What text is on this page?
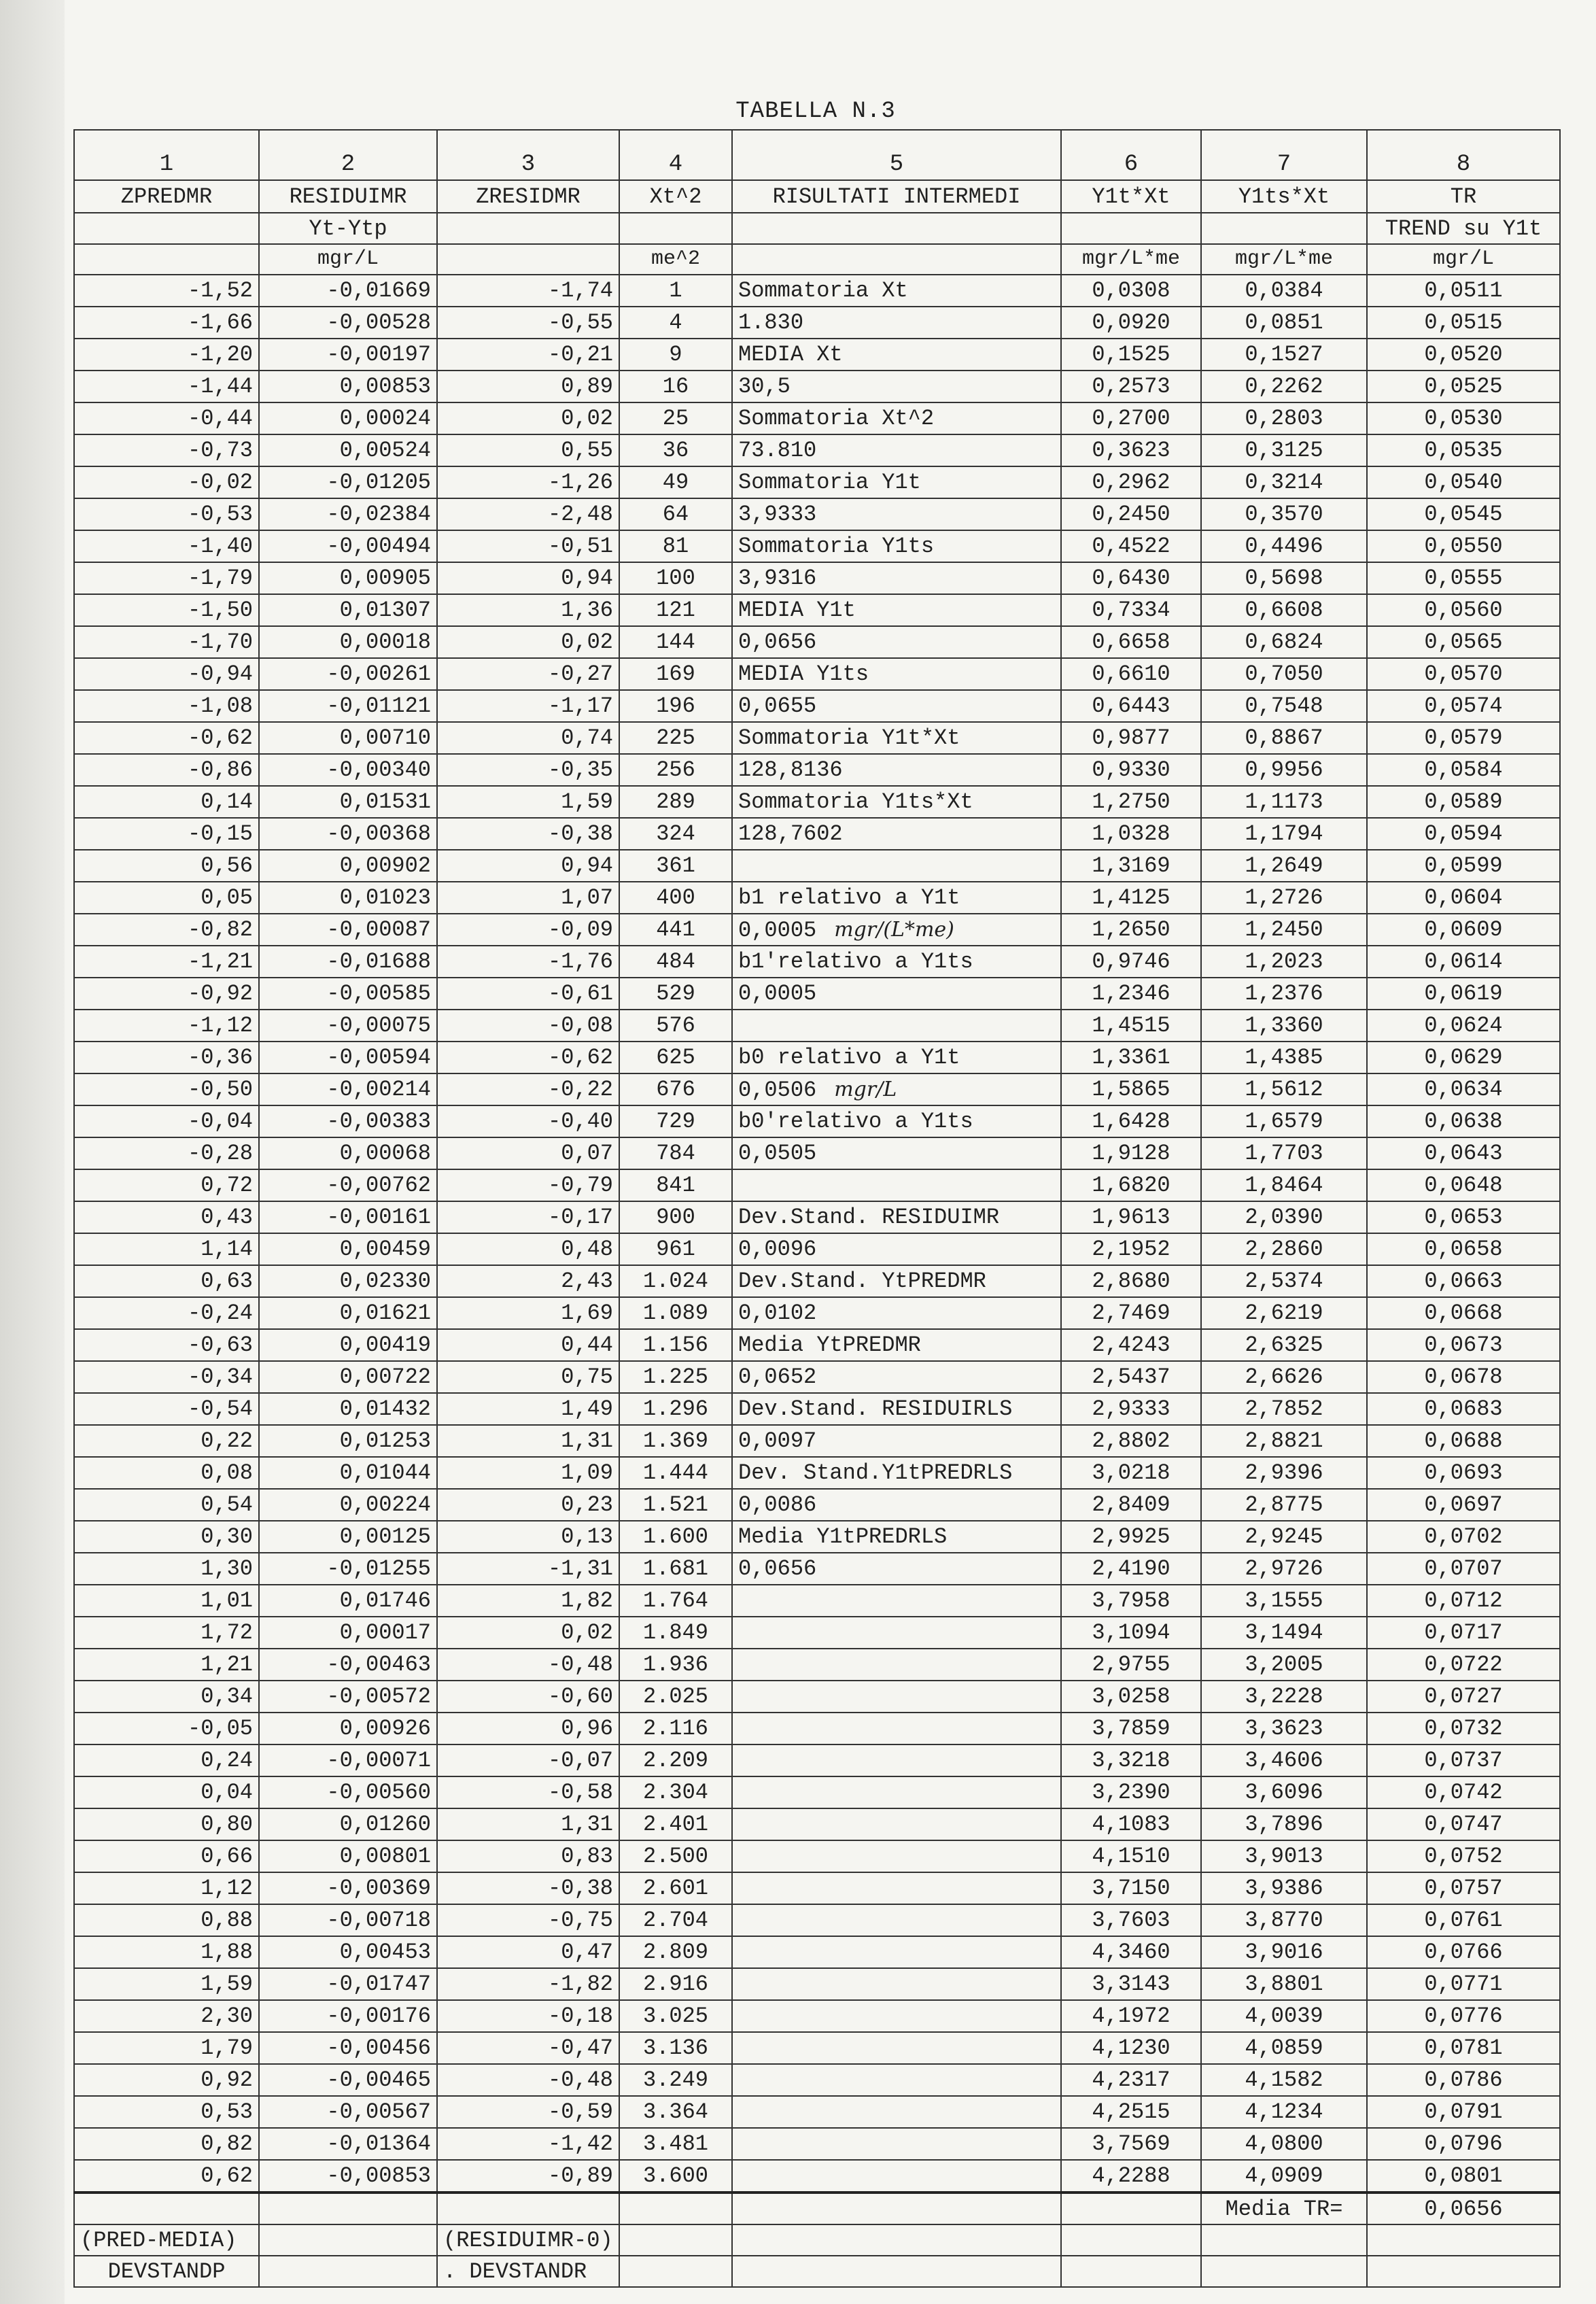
TABELLA N.3
1	2	3	4	5	6	7	8
ZPREDMR	RESIDUIMR	ZRESIDMR	Xt^2	RISULTATI INTERMEDI	Y1t*Xt	Y1ts*Xt	TR
	Yt-Ytp						TREND su Y1t
	mgr/L		me^2		mgr/L*me	mgr/L*me	mgr/L
-1,52	-0,01669	-1,74	1	Sommatoria Xt	0,0308	0,0384	0,0511
-1,66	-0,00528	-0,55	4	1.830	0,0920	0,0851	0,0515
-1,20	-0,00197	-0,21	9	MEDIA Xt	0,1525	0,1527	0,0520
-1,44	0,00853	0,89	16	30,5	0,2573	0,2262	0,0525
-0,44	0,00024	0,02	25	Sommatoria Xt^2	0,2700	0,2803	0,0530
-0,73	0,00524	0,55	36	73.810	0,3623	0,3125	0,0535
-0,02	-0,01205	-1,26	49	Sommatoria Y1t	0,2962	0,3214	0,0540
-0,53	-0,02384	-2,48	64	3,9333	0,2450	0,3570	0,0545
-1,40	-0,00494	-0,51	81	Sommatoria Y1ts	0,4522	0,4496	0,0550
-1,79	0,00905	0,94	100	3,9316	0,6430	0,5698	0,0555
-1,50	0,01307	1,36	121	MEDIA Y1t	0,7334	0,6608	0,0560
-1,70	0,00018	0,02	144	0,0656	0,6658	0,6824	0,0565
-0,94	-0,00261	-0,27	169	MEDIA Y1ts	0,6610	0,7050	0,0570
-1,08	-0,01121	-1,17	196	0,0655	0,6443	0,7548	0,0574
-0,62	0,00710	0,74	225	Sommatoria Y1t*Xt	0,9877	0,8867	0,0579
-0,86	-0,00340	-0,35	256	128,8136	0,9330	0,9956	0,0584
0,14	0,01531	1,59	289	Sommatoria Y1ts*Xt	1,2750	1,1173	0,0589
-0,15	-0,00368	-0,38	324	128,7602	1,0328	1,1794	0,0594
0,56	0,00902	0,94	361		1,3169	1,2649	0,0599
0,05	0,01023	1,07	400	b1 relativo a Y1t	1,4125	1,2726	0,0604
-0,82	-0,00087	-0,09	441	0,0005 mgr/(L*me)	1,2650	1,2450	0,0609
-1,21	-0,01688	-1,76	484	b1'relativo a Y1ts	0,9746	1,2023	0,0614
-0,92	-0,00585	-0,61	529	0,0005	1,2346	1,2376	0,0619
-1,12	-0,00075	-0,08	576		1,4515	1,3360	0,0624
-0,36	-0,00594	-0,62	625	b0 relativo a Y1t	1,3361	1,4385	0,0629
-0,50	-0,00214	-0,22	676	0,0506 mgr/L	1,5865	1,5612	0,0634
-0,04	-0,00383	-0,40	729	b0'relativo a Y1ts	1,6428	1,6579	0,0638
-0,28	0,00068	0,07	784	0,0505	1,9128	1,7703	0,0643
0,72	-0,00762	-0,79	841		1,6820	1,8464	0,0648
0,43	-0,00161	-0,17	900	Dev.Stand. RESIDUIMR	1,9613	2,0390	0,0653
1,14	0,00459	0,48	961	0,0096	2,1952	2,2860	0,0658
0,63	0,02330	2,43	1.024	Dev.Stand. YtPREDMR	2,8680	2,5374	0,0663
-0,24	0,01621	1,69	1.089	0,0102	2,7469	2,6219	0,0668
-0,63	0,00419	0,44	1.156	Media YtPREDMR	2,4243	2,6325	0,0673
-0,34	0,00722	0,75	1.225	0,0652	2,5437	2,6626	0,0678
-0,54	0,01432	1,49	1.296	Dev.Stand. RESIDUIRLS	2,9333	2,7852	0,0683
0,22	0,01253	1,31	1.369	0,0097	2,8802	2,8821	0,0688
0,08	0,01044	1,09	1.444	Dev. Stand.Y1tPREDRLS	3,0218	2,9396	0,0693
0,54	0,00224	0,23	1.521	0,0086	2,8409	2,8775	0,0697
0,30	0,00125	0,13	1.600	Media Y1tPREDRLS	2,9925	2,9245	0,0702
1,30	-0,01255	-1,31	1.681	0,0656	2,4190	2,9726	0,0707
1,01	0,01746	1,82	1.764		3,7958	3,1555	0,0712
1,72	0,00017	0,02	1.849		3,1094	3,1494	0,0717
1,21	-0,00463	-0,48	1.936		2,9755	3,2005	0,0722
0,34	-0,00572	-0,60	2.025		3,0258	3,2228	0,0727
-0,05	0,00926	0,96	2.116		3,7859	3,3623	0,0732
0,24	-0,00071	-0,07	2.209		3,3218	3,4606	0,0737
0,04	-0,00560	-0,58	2.304		3,2390	3,6096	0,0742
0,80	0,01260	1,31	2.401		4,1083	3,7896	0,0747
0,66	0,00801	0,83	2.500		4,1510	3,9013	0,0752
1,12	-0,00369	-0,38	2.601		3,7150	3,9386	0,0757
0,88	-0,00718	-0,75	2.704		3,7603	3,8770	0,0761
1,88	0,00453	0,47	2.809		4,3460	3,9016	0,0766
1,59	-0,01747	-1,82	2.916		3,3143	3,8801	0,0771
2,30	-0,00176	-0,18	3.025		4,1972	4,0039	0,0776
1,79	-0,00456	-0,47	3.136		4,1230	4,0859	0,0781
0,92	-0,00465	-0,48	3.249		4,2317	4,1582	0,0786
0,53	-0,00567	-0,59	3.364		4,2515	4,1234	0,0791
0,82	-0,01364	-1,42	3.481		3,7569	4,0800	0,0796
0,62	-0,00853	-0,89	3.600		4,2288	4,0909	0,0801
						Media TR=	0,0656
(PRED-MEDIA)		(RESIDUIMR-0)					
DEVSTANDP		. DEVSTANDR					
